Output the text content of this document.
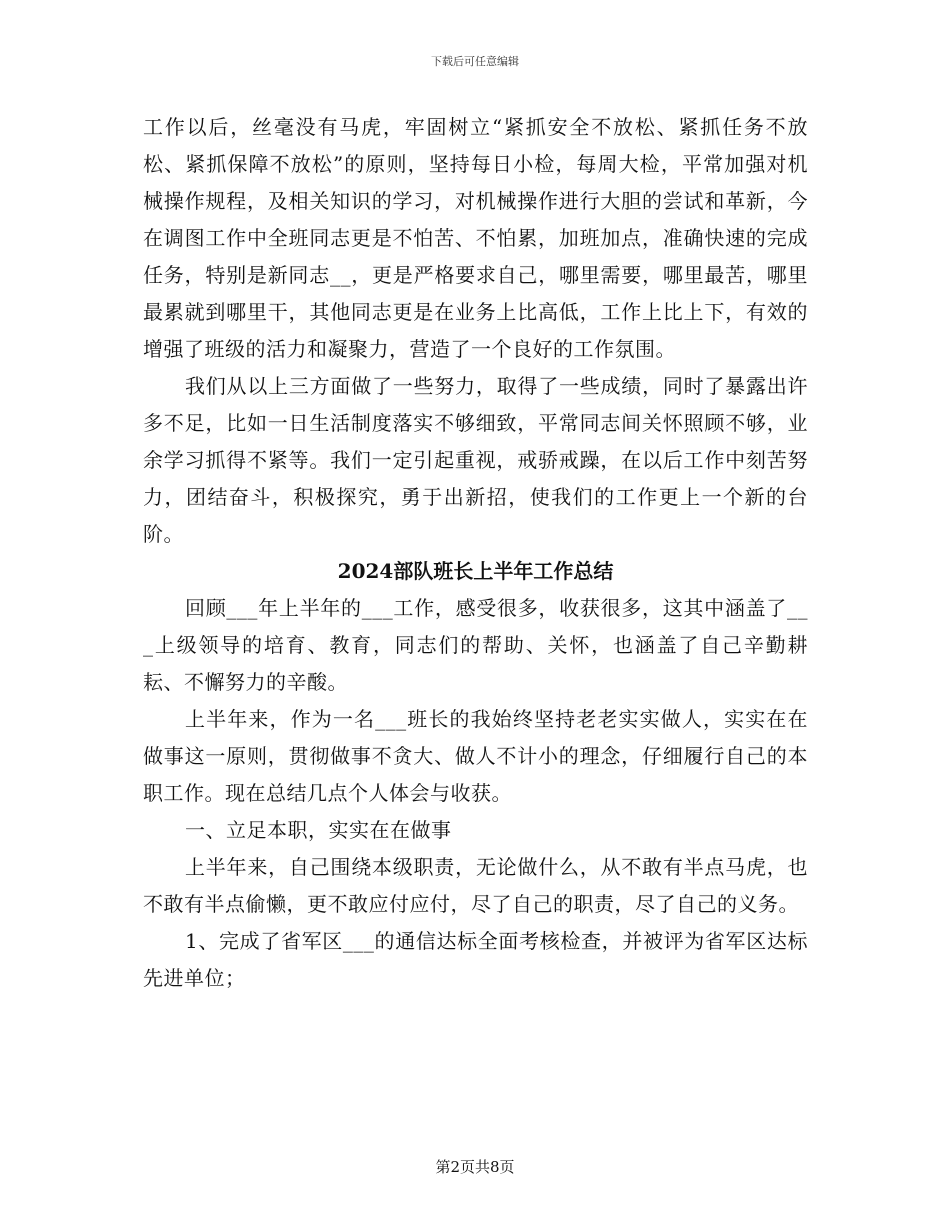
下载后可任意编辑

工作以后，丝毫没有马虎，牢固树立“紧抓安全不放松、紧抓任务不放松、紧抓保障不放松”的原则，坚持每日小检，每周大检，平常加强对机械操作规程，及相关知识的学习，对机械操作进行大胆的尝试和革新，今在调图工作中全班同志更是不怕苦、不怕累，加班加点，准确快速的完成任务，特别是新同志__，更是严格要求自己，哪里需要，哪里最苦，哪里最累就到哪里干，其他同志更是在业务上比高低，工作上比上下，有效的增强了班级的活力和凝聚力，营造了一个良好的工作氛围。

我们从以上三方面做了一些努力，取得了一些成绩，同时了暴露出许多不足，比如一日生活制度落实不够细致，平常同志间关怀照顾不够，业余学习抓得不紧等。我们一定引起重视，戒骄戒躁，在以后工作中刻苦努力，团结奋斗，积极探究，勇于出新招，使我们的工作更上一个新的台阶。

2024部队班长上半年工作总结

回顾___年上半年的___工作，感受很多，收获很多，这其中涵盖了___上级领导的培育、教育，同志们的帮助、关怀，也涵盖了自己辛勤耕耘、不懈努力的辛酸。

上半年来，作为一名___班长的我始终坚持老老实实做人，实实在在做事这一原则，贯彻做事不贪大、做人不计小的理念，仔细履行自己的本职工作。现在总结几点个人体会与收获。

一、立足本职，实实在在做事

上半年来，自己围绕本级职责，无论做什么，从不敢有半点马虎，也不敢有半点偷懒，更不敢应付应付，尽了自己的职责，尽了自己的义务。

1、完成了省军区___的通信达标全面考核检查，并被评为省军区达标先进单位；

第2页共8页
